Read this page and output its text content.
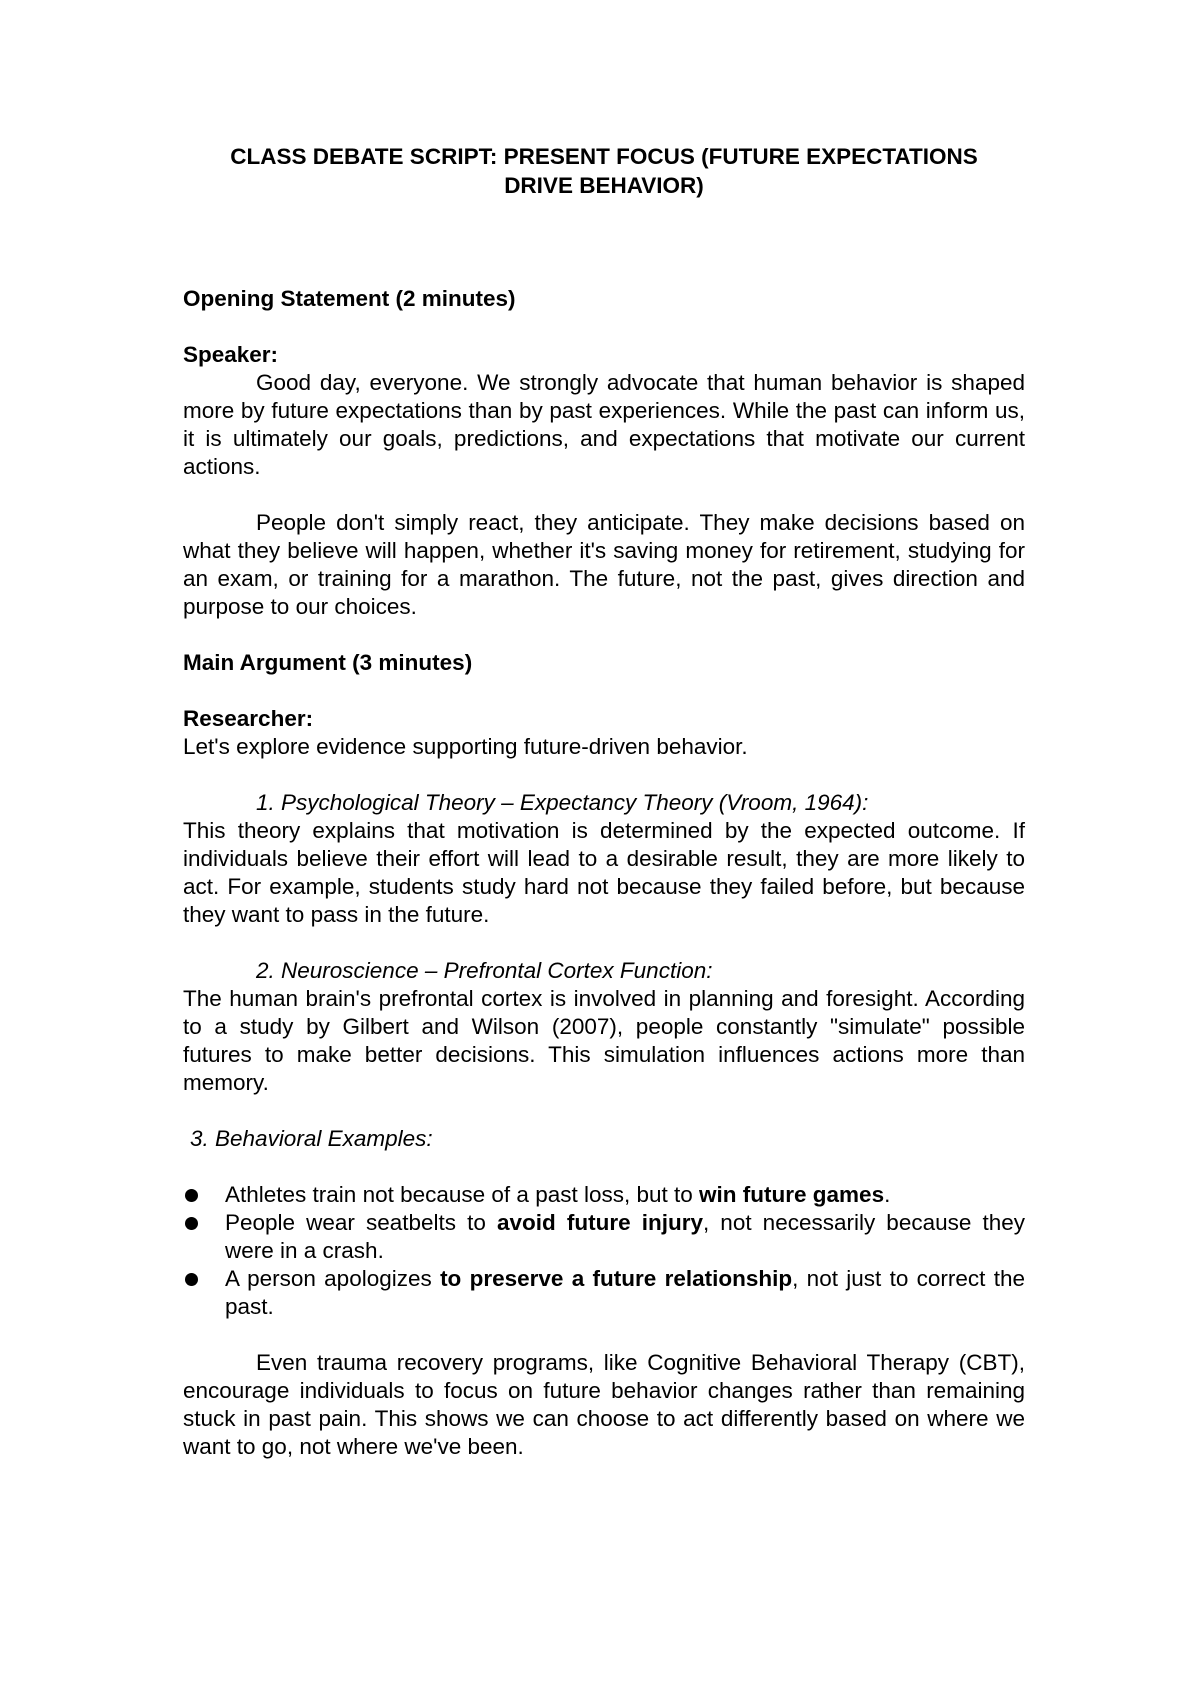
CLASS DEBATE SCRIPT: PRESENT FOCUS (FUTURE EXPECTATIONS
DRIVE BEHAVIOR)

Opening Statement (2 minutes)

Speaker:

Good day, everyone. We strongly advocate that human behavior is shaped more by future expectations than by past experiences. While the past can inform us, it is ultimately our goals, predictions, and expectations that motivate our current actions.

People don't simply react, they anticipate. They make decisions based on what they believe will happen, whether it's saving money for retirement, studying for an exam, or training for a marathon. The future, not the past, gives direction and purpose to our choices.

Main Argument (3 minutes)

Researcher:

Let's explore evidence supporting future-driven behavior.

1. Psychological Theory – Expectancy Theory (Vroom, 1964):

This theory explains that motivation is determined by the expected outcome. If individuals believe their effort will lead to a desirable result, they are more likely to act. For example, students study hard not because they failed before, but because they want to pass in the future.

2. Neuroscience – Prefrontal Cortex Function:

The human brain's prefrontal cortex is involved in planning and foresight. According to a study by Gilbert and Wilson (2007), people constantly "simulate" possible futures to make better decisions. This simulation influences actions more than memory.

3. Behavioral Examples:

Athletes train not because of a past loss, but to win future games.
People wear seatbelts to avoid future injury, not necessarily because they were in a crash.
A person apologizes to preserve a future relationship, not just to correct the past.

Even trauma recovery programs, like Cognitive Behavioral Therapy (CBT), encourage individuals to focus on future behavior changes rather than remaining stuck in past pain. This shows we can choose to act differently based on where we want to go, not where we've been.
